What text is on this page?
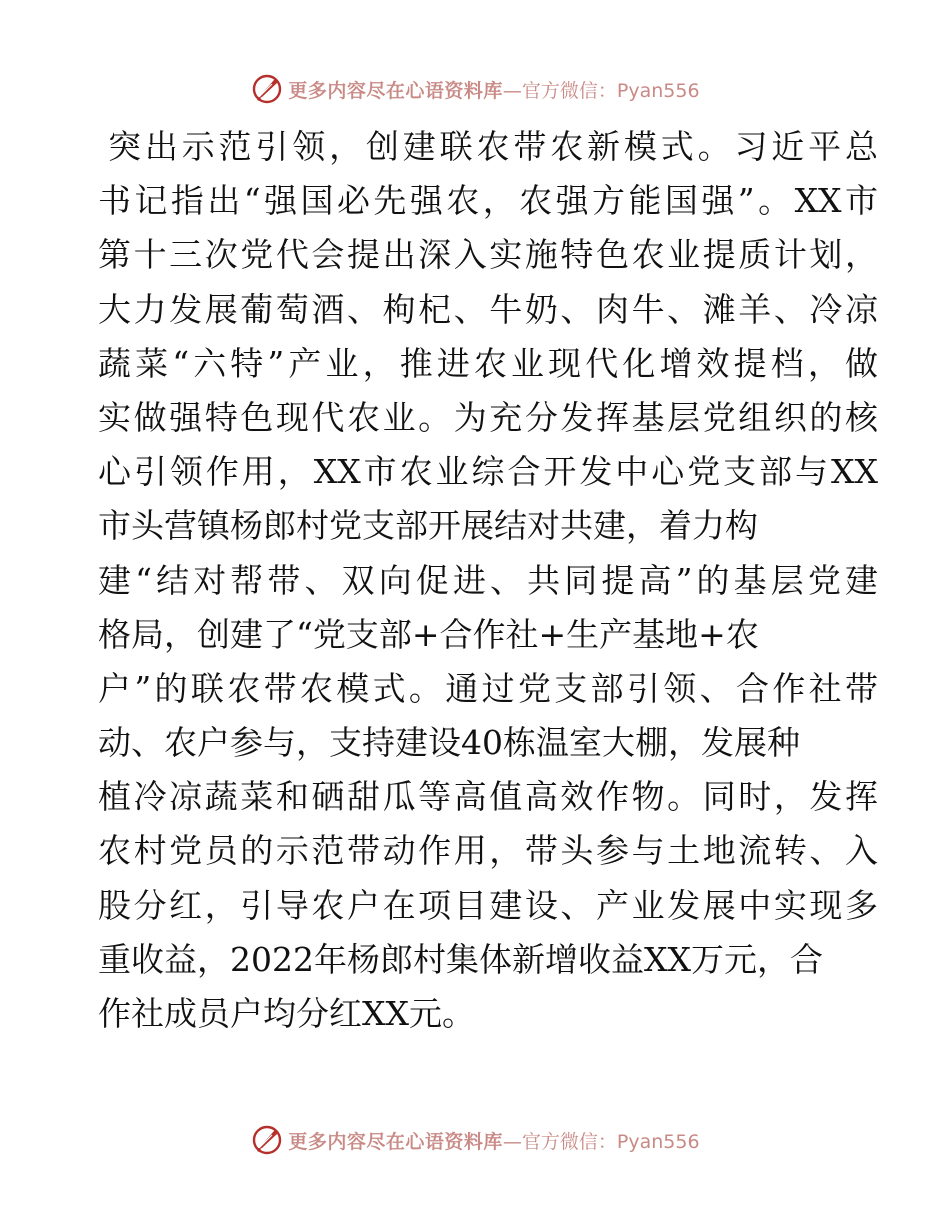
更多内容尽在心语资料库 —官方微信：Pyan556
突出示范引领，创建联农带农新模式。习近平总
书记指出“强国必先强农，农强方能国强”。XX市
第十三次党代会提出深入实施特色农业提质计划，
大力发展葡萄酒、枸杞、牛奶、肉牛、滩羊、冷凉
蔬菜“六特”产业，推进农业现代化增效提档，做
实做强特色现代农业。为充分发挥基层党组织的核
心引领作用，XX市农业综合开发中心党支部与XX
市头营镇杨郎村党支部开展结对共建，着力构
建“结对帮带、双向促进、共同提高”的基层党建
格局，创建了“党支部+合作社+生产基地+农
户”的联农带农模式。通过党支部引领、合作社带
动、农户参与，支持建设40栋温室大棚，发展种
植冷凉蔬菜和硒甜瓜等高值高效作物。同时，发挥
农村党员的示范带动作用，带头参与土地流转、入
股分红，引导农户在项目建设、产业发展中实现多
重收益，2022年杨郎村集体新增收益XX万元，合
作社成员户均分红XX元。
更多内容尽在心语资料库 —官方微信：Pyan556
